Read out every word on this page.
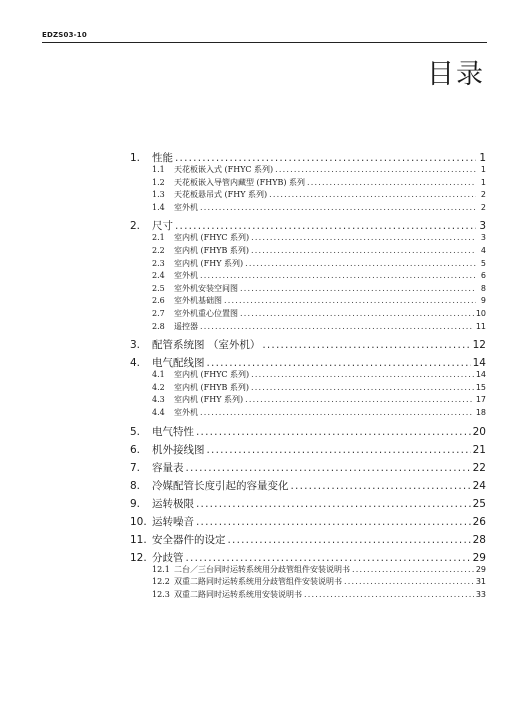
EDZS03-10
目录
1.	性能 .....	1
1.1	天花板嵌入式 (FHYC 系列) .....	1
1.2	天花板嵌入导管内藏型 (FHYB) 系列 .....	1
1.3	天花板悬吊式 (FHY 系列) .....	2
1.4	室外机 .....	2
2.	尺寸 .....	3
2.1	室内机 (FHYC 系列) .....	3
2.2	室内机 (FHYB 系列) .....	4
2.3	室内机 (FHY 系列) .....	5
2.4	室外机 .....	6
2.5	室外机安装空间图 .....	8
2.6	室外机基础图 .....	9
2.7	室外机重心位置图 .....	10
2.8	遥控器 .....	11
3.	配管系统图 （室外机） .....	12
4.	电气配线图 .....	14
4.1	室内机 (FHYC 系列) .....	14
4.2	室内机 (FHYB 系列) .....	15
4.3	室内机 (FHY 系列) .....	17
4.4	室外机 .....	18
5.	电气特性 .....	20
6.	机外接线图 .....	21
7.	容量表 .....	22
8.	冷媒配管长度引起的容量变化 .....	24
9.	运转极限 .....	25
10. 运转噪音 .....	26
11. 安全器件的设定 .....	28
12. 分歧管 .....	29
12.1 二台／三台同时运转系统用分歧管组件安装说明书 .....	29
12.2 双重二路同时运转系统用分歧管组件安装说明书 .....	31
12.3 双重二路同时运转系统用安装说明书 .....	33
